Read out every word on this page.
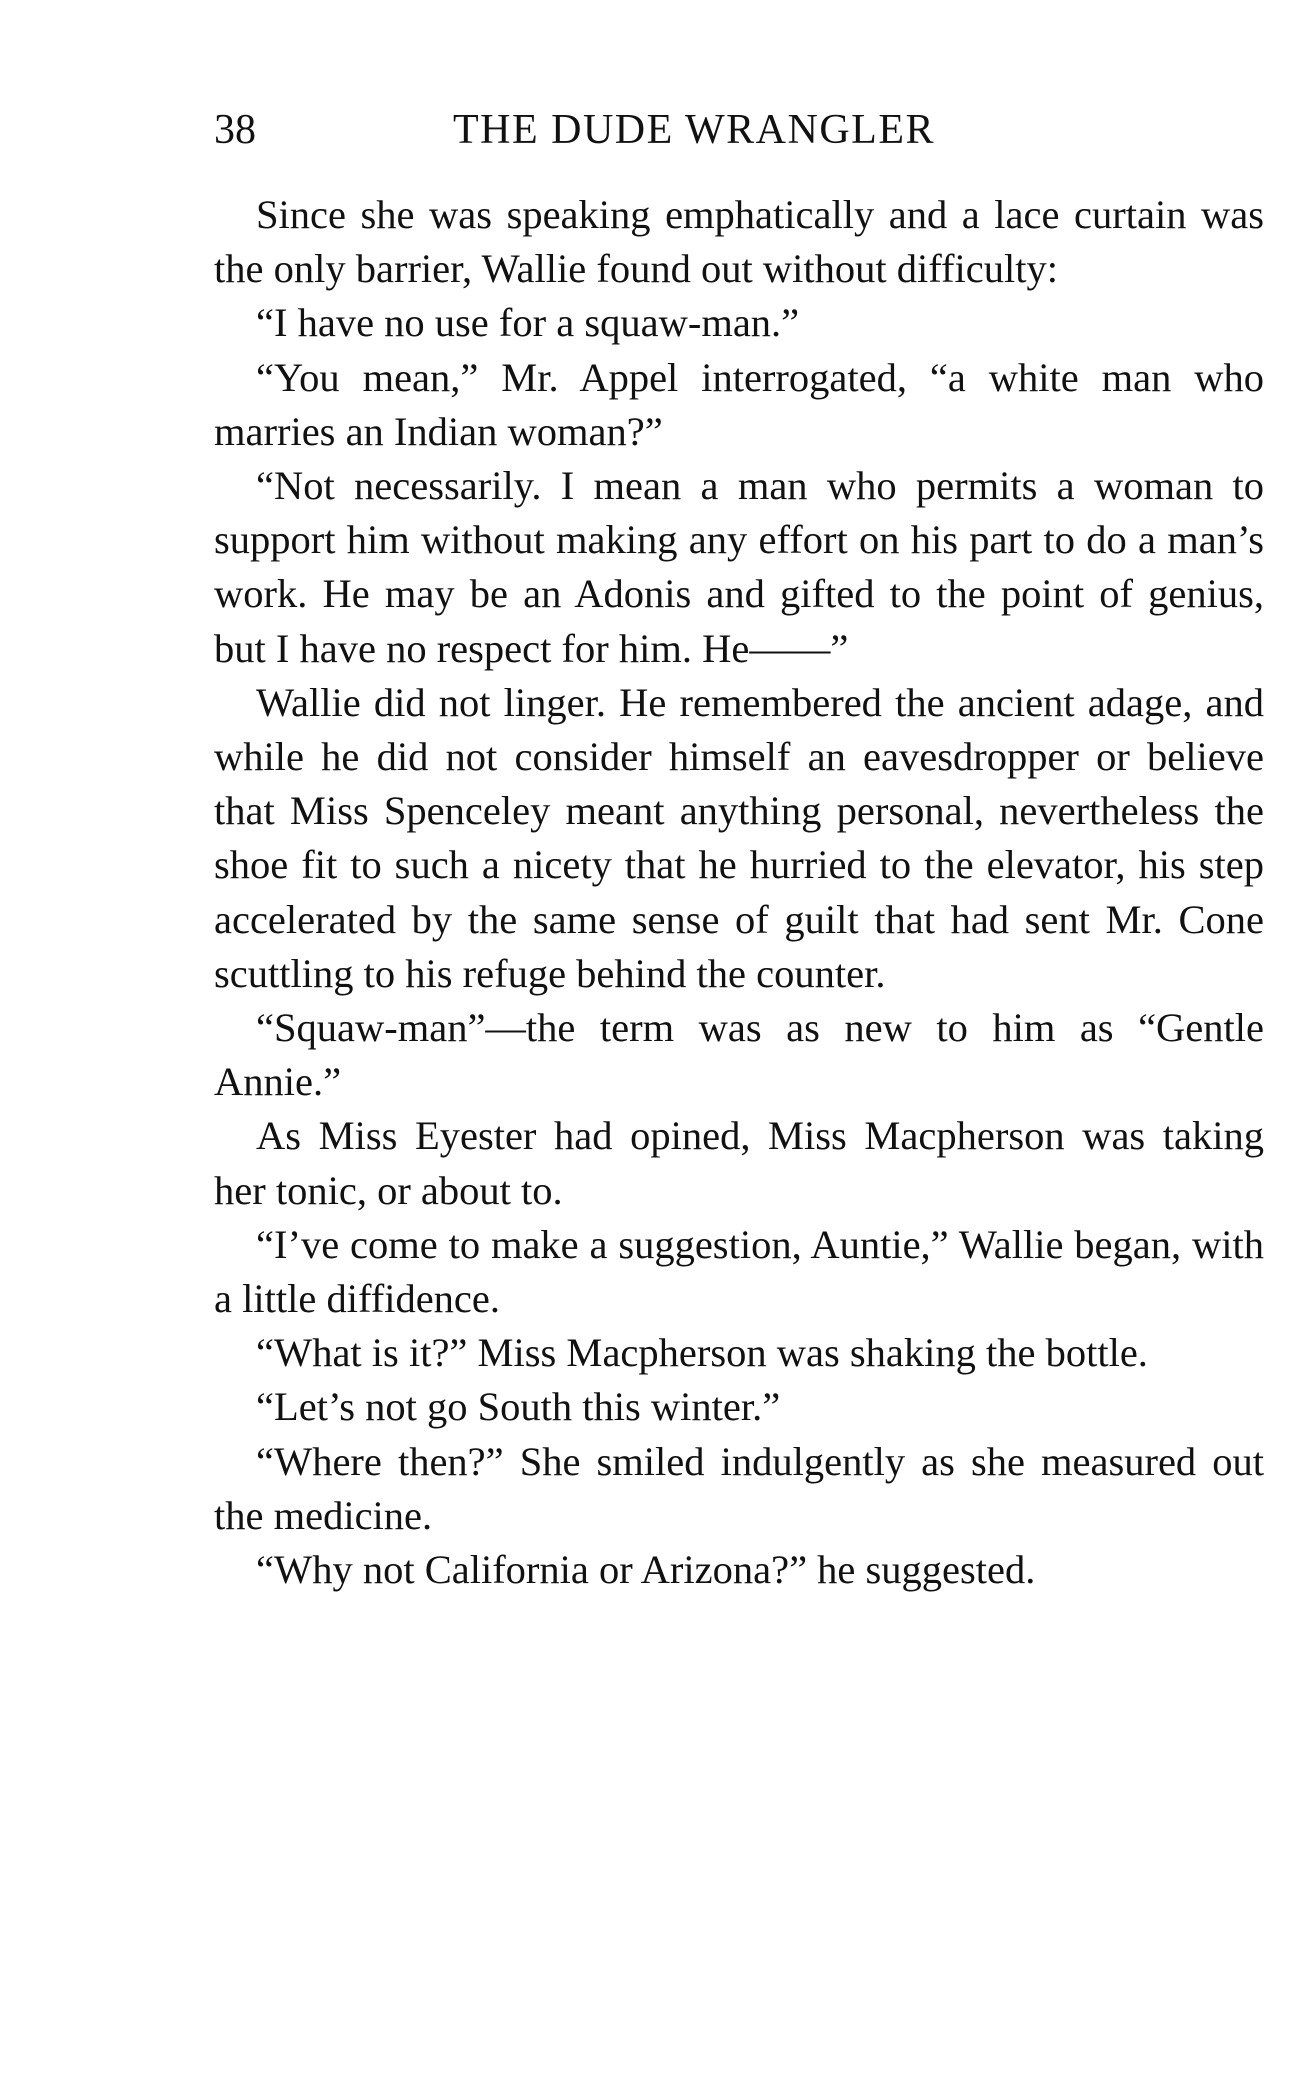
38	THE DUDE WRANGLER

Since she was speaking emphatically and a lace curtain was the only barrier, Wallie found out without difficulty:

“I have no use for a squaw-man.”

“You mean,” Mr. Appel interrogated, “a white man who marries an Indian woman?”

“Not necessarily. I mean a man who permits a woman to support him without making any effort on his part to do a man’s work. He may be an Adonis and gifted to the point of genius, but I have no respect for him. He——”

Wallie did not linger. He remembered the ancient adage, and while he did not consider himself an eavesdropper or believe that Miss Spenceley meant anything personal, nevertheless the shoe fit to such a nicety that he hurried to the elevator, his step accelerated by the same sense of guilt that had sent Mr. Cone scuttling to his refuge behind the counter.

“Squaw-man”—the term was as new to him as “Gentle Annie.”

As Miss Eyester had opined, Miss Macpherson was taking her tonic, or about to.

“I’ve come to make a suggestion, Auntie,” Wallie began, with a little diffidence.

“What is it?” Miss Macpherson was shaking the bottle.

“Let’s not go South this winter.”

“Where then?” She smiled indulgently as she measured out the medicine.

“Why not California or Arizona?” he suggested.
